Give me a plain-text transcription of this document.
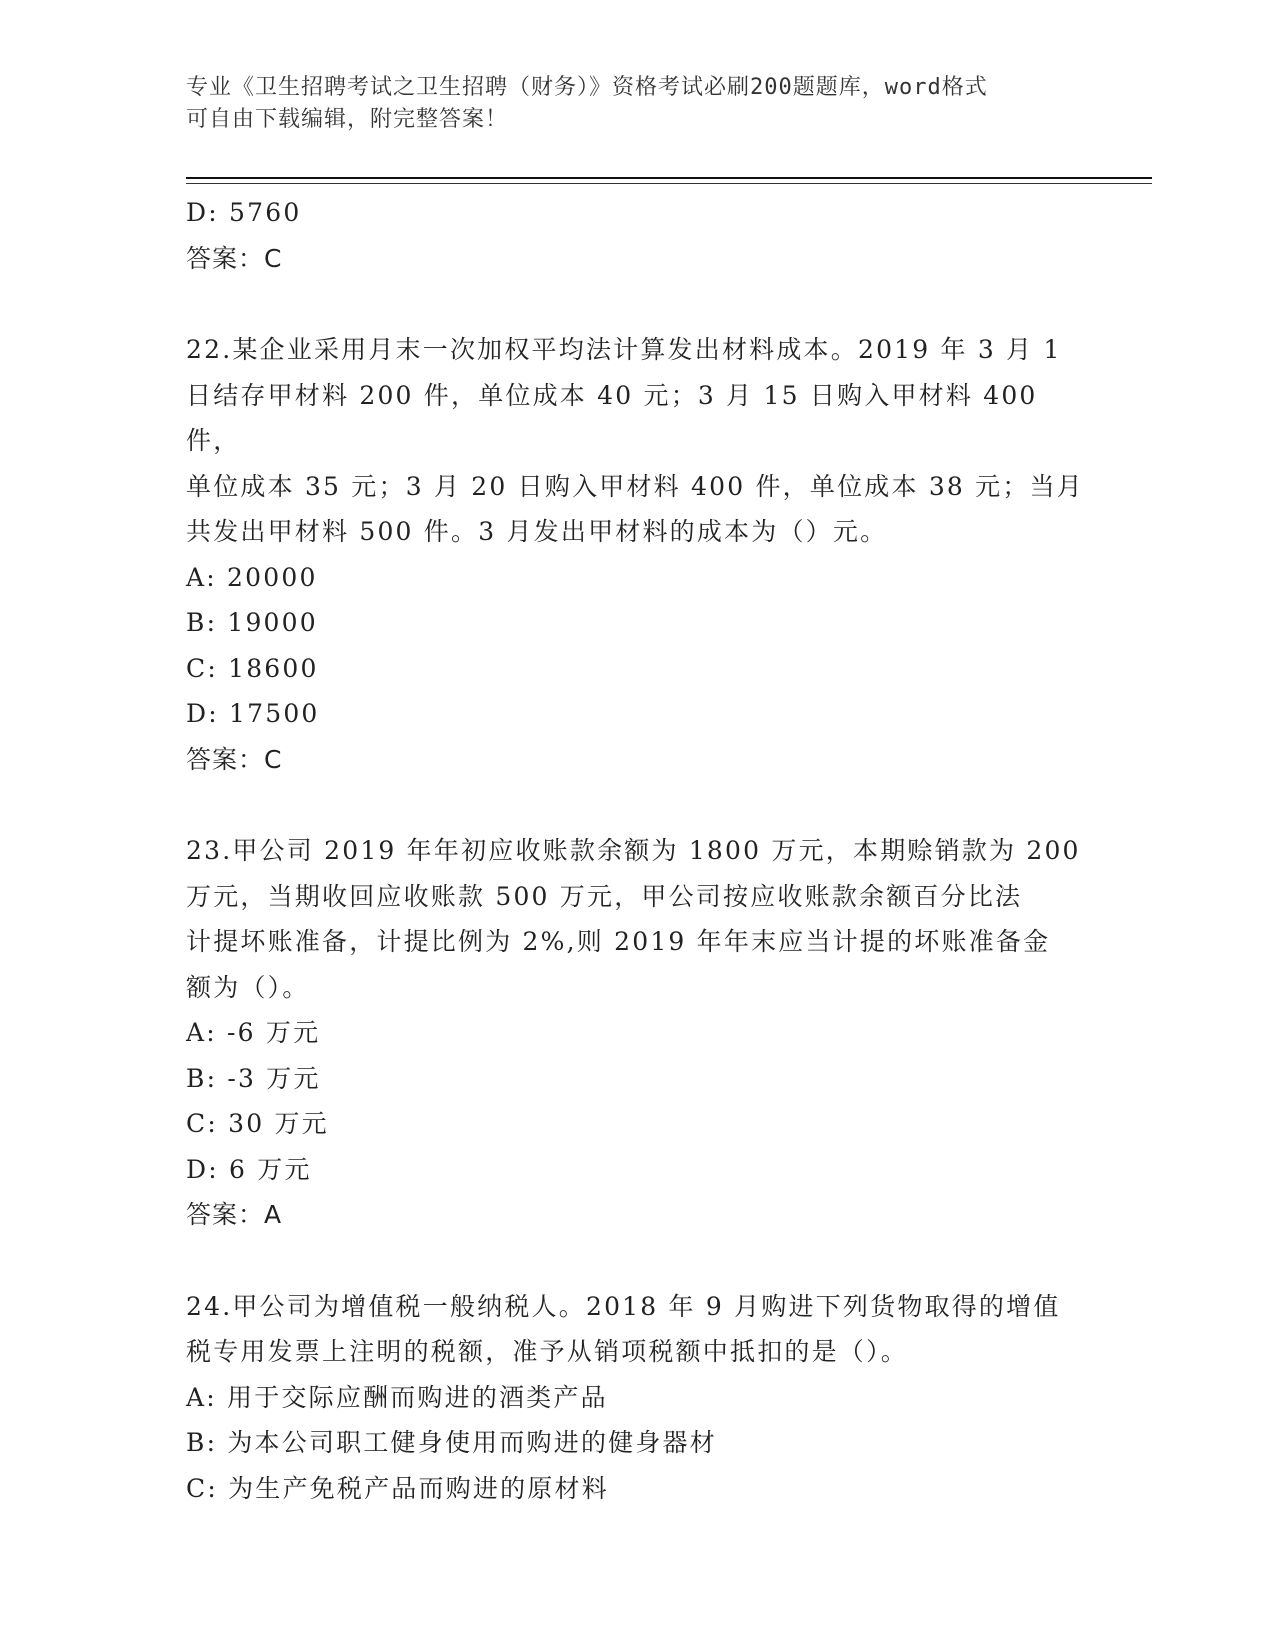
专业《卫生招聘考试之卫生招聘（财务）》资格考试必刷200题题库，word格式

可自由下载编辑，附完整答案！

D: 5760

答案：C

22.某企业采用月末一次加权平均法计算发出材料成本。2019 年 3 月 1

日结存甲材料 200 件，单位成本 40 元；3 月 15 日购入甲材料 400 件，

单位成本 35 元；3 月 20 日购入甲材料 400 件，单位成本 38 元；当月

共发出甲材料 500 件。3 月发出甲材料的成本为（）元。

A: 20000

B: 19000

C: 18600

D: 17500

答案：C

23.甲公司 2019 年年初应收账款余额为 1800 万元，本期赊销款为 200

万元，当期收回应收账款 500 万元，甲公司按应收账款余额百分比法

计提坏账准备，计提比例为 2%,则 2019 年年末应当计提的坏账准备金

额为（）。

A: -6 万元

B: -3 万元

C: 30 万元

D: 6 万元

答案：A

24.甲公司为增值税一般纳税人。2018 年 9 月购进下列货物取得的增值

税专用发票上注明的税额，准予从销项税额中抵扣的是（）。

A: 用于交际应酬而购进的酒类产品

B: 为本公司职工健身使用而购进的健身器材

C: 为生产免税产品而购进的原材料
